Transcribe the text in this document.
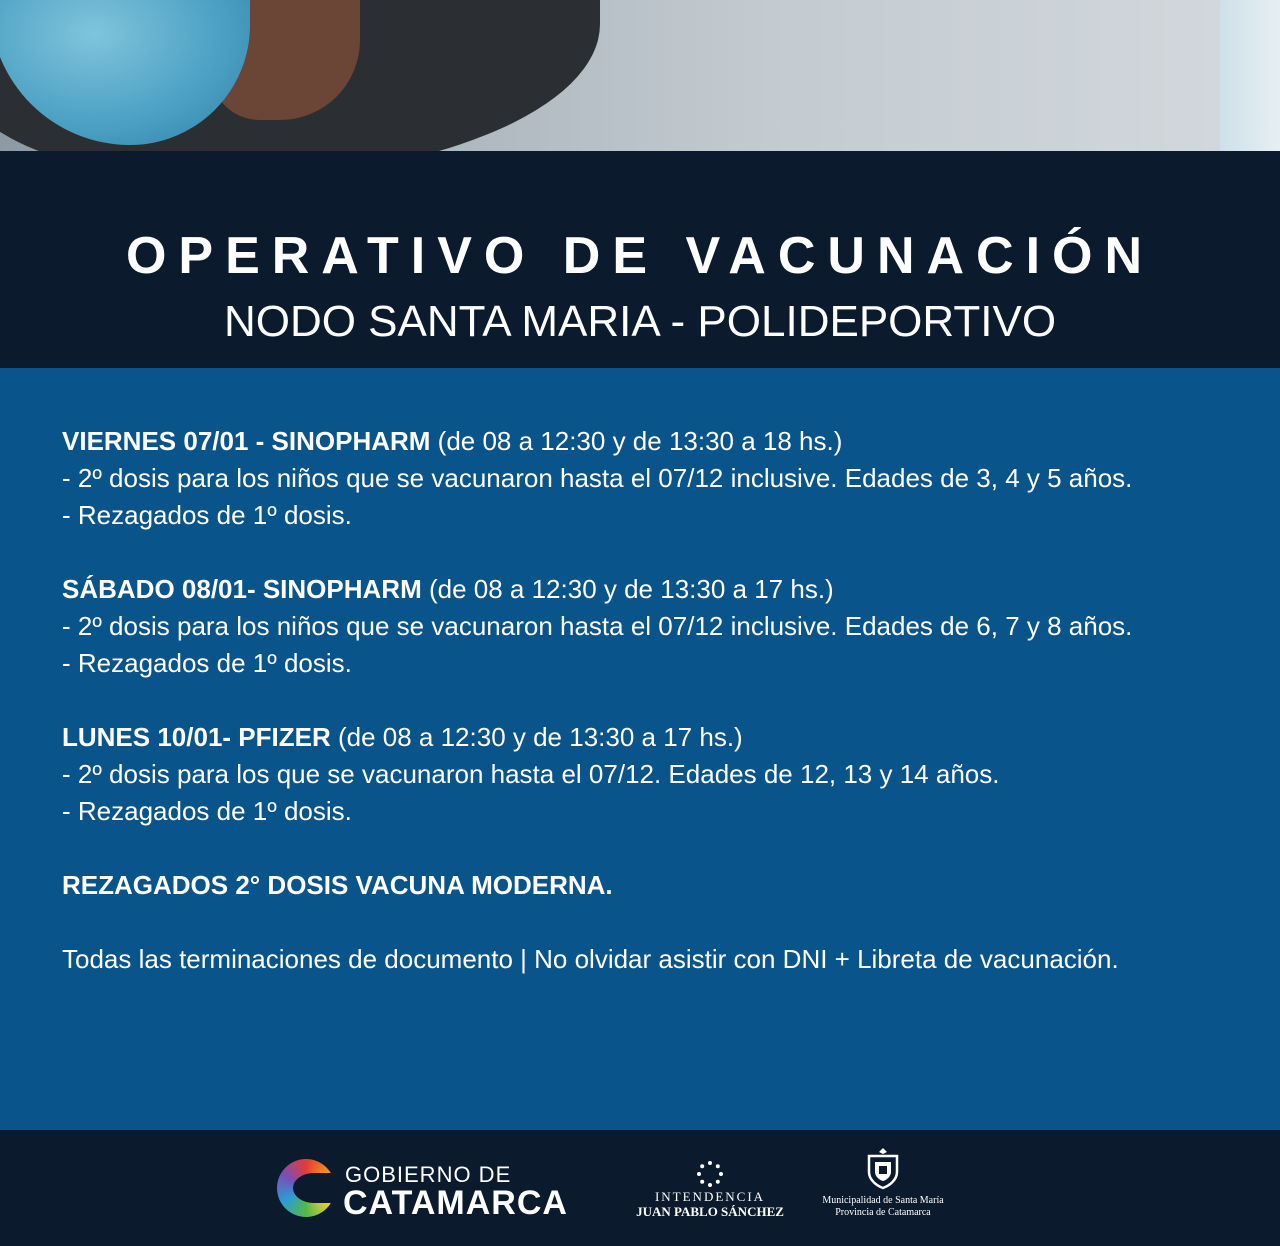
OPERATIVO DE VACUNACIÓN
NODO SANTA MARIA - POLIDEPORTIVO
VIERNES 07/01 - SINOPHARM (de 08 a 12:30 y de 13:30 a 18 hs.)
- 2º dosis para los niños que se vacunaron hasta el 07/12 inclusive. Edades de 3, 4 y 5 años.
- Rezagados de 1º dosis.
SÁBADO 08/01- SINOPHARM (de 08 a 12:30 y de 13:30 a 17 hs.)
- 2º dosis para los niños que se vacunaron hasta el 07/12 inclusive. Edades de 6, 7 y 8 años.
- Rezagados de 1º dosis.
LUNES 10/01- PFIZER (de 08 a 12:30 y de 13:30 a 17 hs.)
- 2º dosis para los que se vacunaron hasta el 07/12. Edades de 12, 13 y 14 años.
- Rezagados de 1º dosis.
REZAGADOS 2° DOSIS VACUNA MODERNA.
Todas las terminaciones de documento | No olvidar asistir con DNI + Libreta de vacunación.
GOBIERNO DE
CATAMARCA	INTENDENCIA
JUAN PABLO SÁNCHEZ
Municipalidad de Santa María
Provincia de Catamarca
